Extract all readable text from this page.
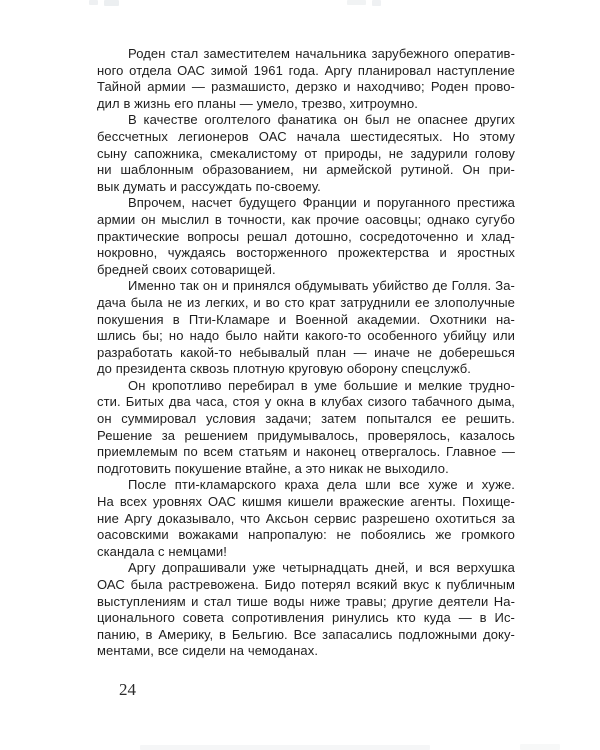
Роден стал заместителем начальника зарубежного оператив-
ного отдела ОАС зимой 1961 года. Аргу планировал наступление
Тайной армии — размашисто, дерзко и находчиво; Роден прово-
дил в жизнь его планы — умело, трезво, хитроумно.
В качестве оголтелого фанатика он был не опаснее других
бессчетных легионеров ОАС начала шестидесятых. Но этому
сыну сапожника, смекалистому от природы, не задурили голову
ни шаблонным образованием, ни армейской рутиной. Он при-
вык думать и рассуждать по-своему.
Впрочем, насчет будущего Франции и поруганного престижа
армии он мыслил в точности, как прочие оасовцы; однако сугубо
практические вопросы решал дотошно, сосредоточенно и хлад-
нокровно, чуждаясь восторженного прожектерства и яростных
бредней своих сотоварищей.
Именно так он и принялся обдумывать убийство де Голля. За-
дача была не из легких, и во сто крат затруднили ее злополучные
покушения в Пти-Кламаре и Военной академии. Охотники на-
шлись бы; но надо было найти какого-то особенного убийцу или
разработать какой-то небывалый план — иначе не доберешься
до президента сквозь плотную круговую оборону спецслужб.
Он кропотливо перебирал в уме большие и мелкие трудно-
сти. Битых два часа, стоя у окна в клубах сизого табачного дыма,
он суммировал условия задачи; затем попытался ее решить.
Решение за решением придумывалось, проверялось, казалось
приемлемым по всем статьям и наконец отвергалось. Главное —
подготовить покушение втайне, а это никак не выходило.
После пти-кламарского краха дела шли все хуже и хуже.
На всех уровнях ОАС кишмя кишели вражеские агенты. Похище-
ние Аргу доказывало, что Аксьон сервис разрешено охотиться за
оасовскими вожаками напропалую: не побоялись же громкого
скандала с немцами!
Аргу допрашивали уже четырнадцать дней, и вся верхушка
ОАС была растревожена. Бидо потерял всякий вкус к публичным
выступлениям и стал тише воды ниже травы; другие деятели На-
ционального совета сопротивления ринулись кто куда — в Ис-
панию, в Америку, в Бельгию. Все запасались подложными доку-
ментами, все сидели на чемоданах.
24
